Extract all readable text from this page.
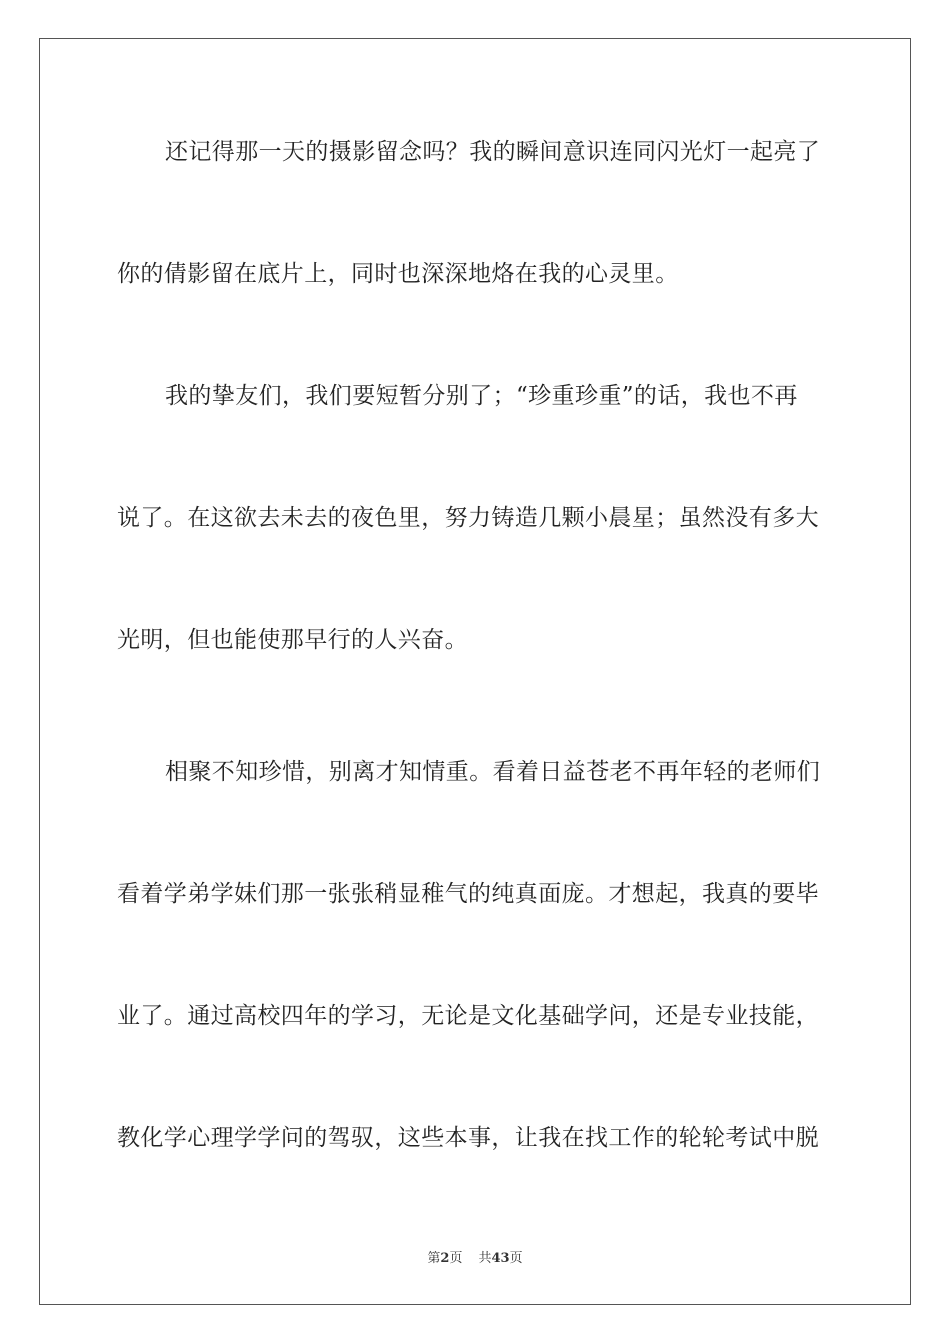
还记得那一天的摄影留念吗？我的瞬间意识连同闪光灯一起亮了
你的倩影留在底片上，同时也深深地烙在我的心灵里。
我的挚友们，我们要短暂分别了；“珍重珍重”的话，我也不再
说了。在这欲去未去的夜色里，努力铸造几颗小晨星；虽然没有多大
光明，但也能使那早行的人兴奋。
相聚不知珍惜，别离才知情重。看着日益苍老不再年轻的老师们
看着学弟学妹们那一张张稍显稚气的纯真面庞。才想起，我真的要毕
业了。通过高校四年的学习，无论是文化基础学问，还是专业技能，
教化学心理学学问的驾驭，这些本事，让我在找工作的轮轮考试中脱
第2页 共43页
